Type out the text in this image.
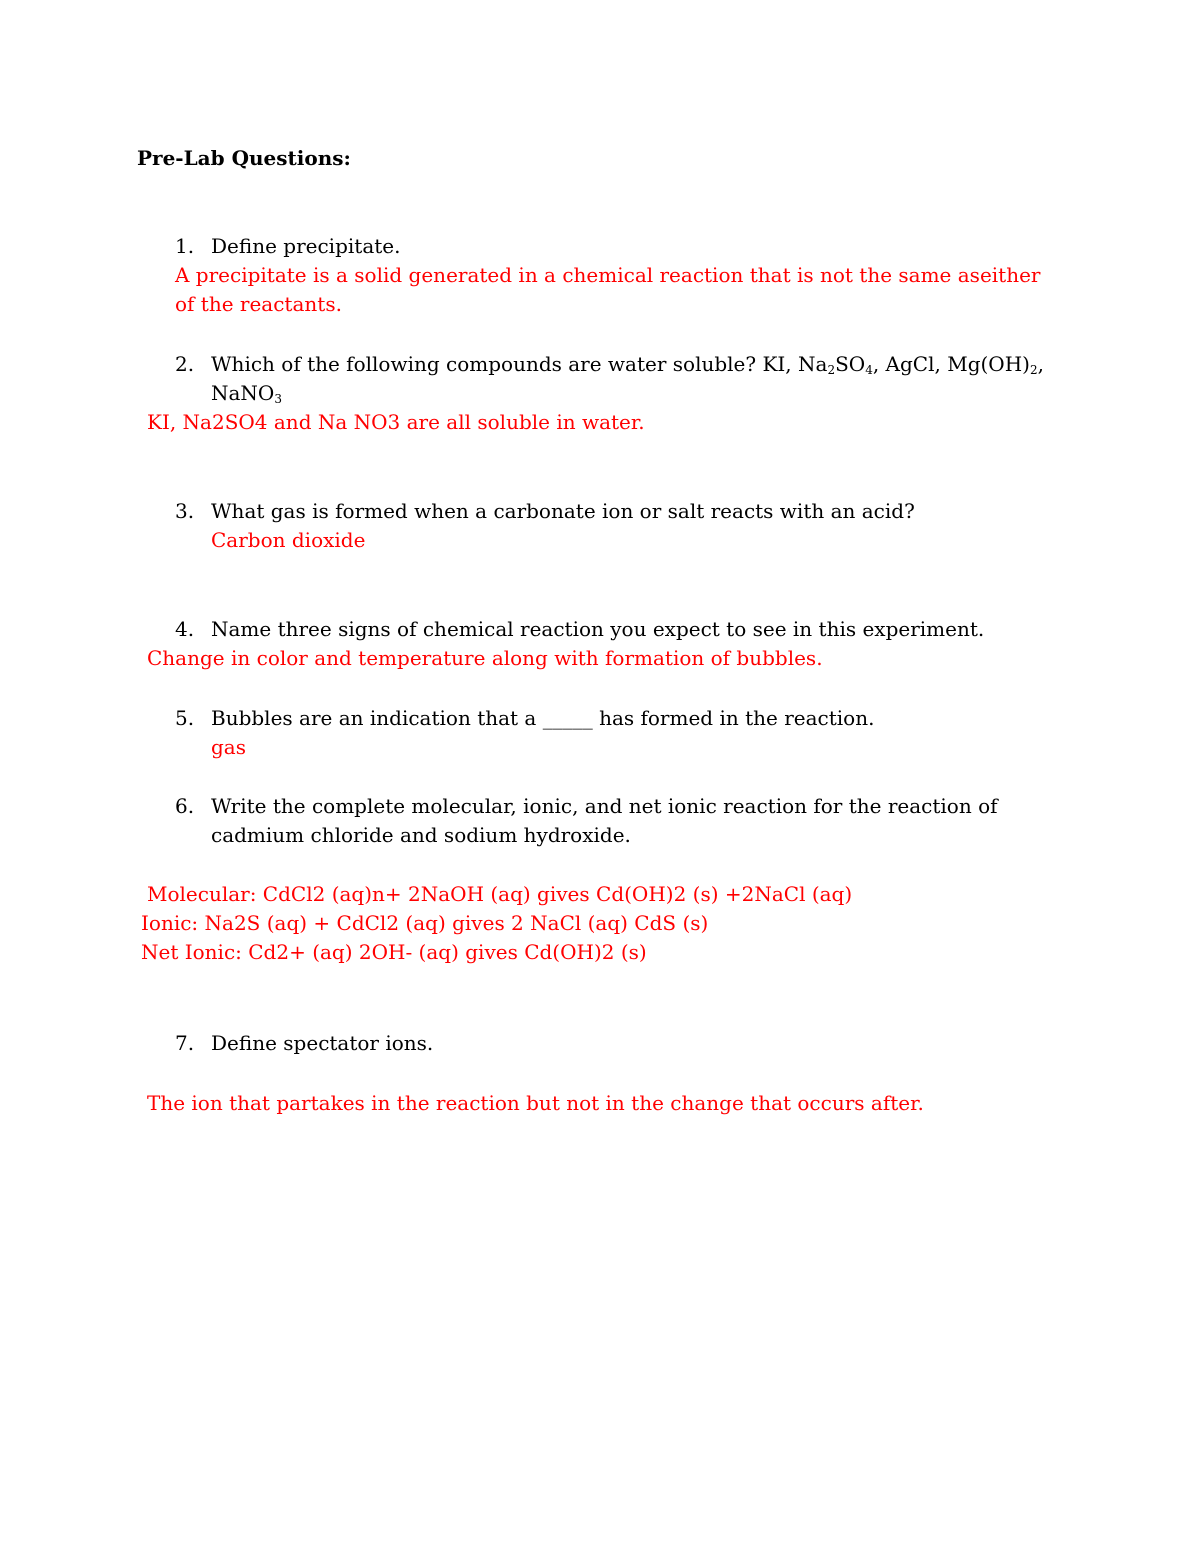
Pre-Lab Questions:
1. Define precipitate.
A precipitate is a solid generated in a chemical reaction that is not the same aseither
of the reactants.
2. Which of the following compounds are water soluble? KI, $Na_2SO_4$, AgCl, $Mg(OH)_2$,
NaNO$_3$
KI, Na2SO4 and Na NO3 are all soluble in water.
3. What gas is formed when a carbonate ion or salt reacts with an acid?
Carbon dioxide
4. Name three signs of chemical reaction you expect to see in this experiment.
Change in color and temperature along with formation of bubbles.
5. Bubbles are an indication that a _____ has formed in the reaction.
gas
6. Write the complete molecular, ionic, and net ionic reaction for the reaction of
cadmium chloride and sodium hydroxide.
Molecular: CdCl2 (aq)n+ 2NaOH (aq) gives Cd(OH)2 (s) +2NaCl (aq)
Ionic: Na2S (aq) + CdCl2 (aq) gives 2 NaCl (aq) CdS (s)
Net Ionic: Cd2+ (aq) 2OH- (aq) gives Cd(OH)2 (s)
7. Define spectator ions.
The ion that partakes in the reaction but not in the change that occurs after.
